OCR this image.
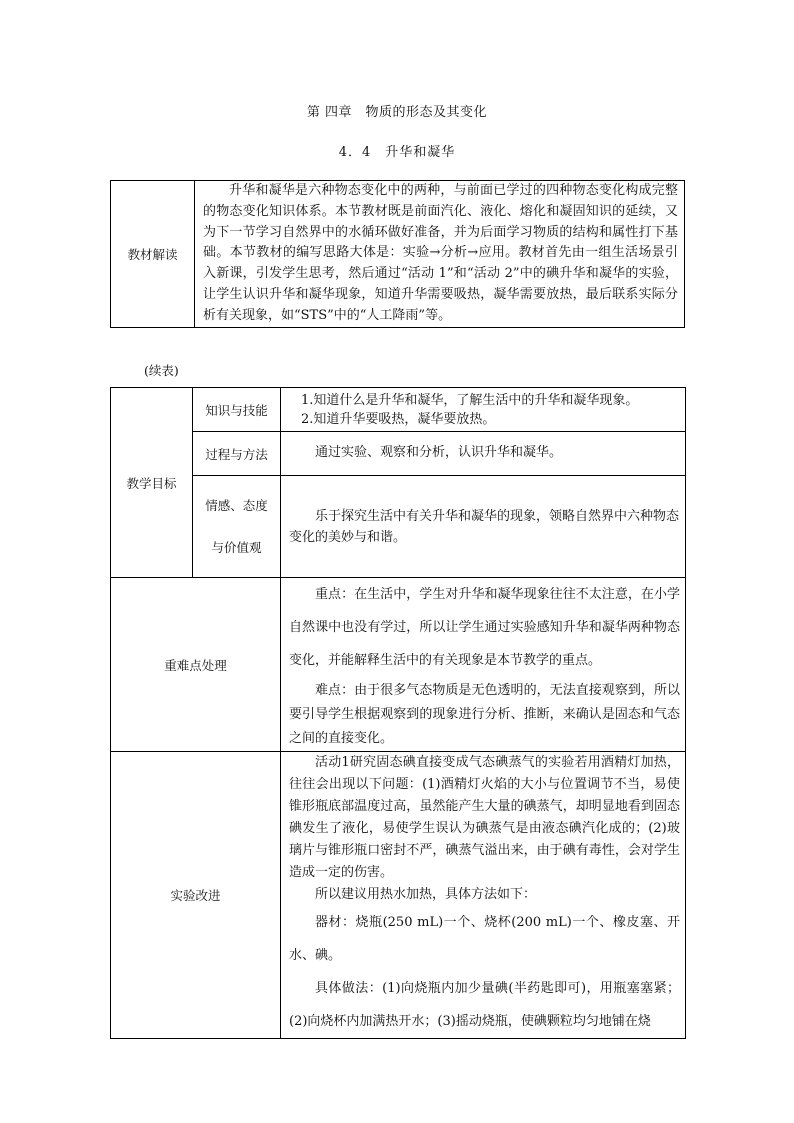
第 四章　物质的形态及其变化
4．4　升华和凝华
教材解读	升华和凝华是六种物态变化中的两种，与前面已学过的四种物态变化构成完整的物态变化知识体系。本节教材既是前面汽化、液化、熔化和凝固知识的延续，又为下一节学习自然界中的水循环做好准备，并为后面学习物质的结构和属性打下基础。本节教材的编写思路大体是：实验→分析→应用。教材首先由一组生活场景引入新课，引发学生思考，然后通过“活动 1”和“活动 2”中的碘升华和凝华的实验，让学生认识升华和凝华现象，知道升华需要吸热，凝华需要放热，最后联系实际分析有关现象，如“STS”中的“人工降雨”等。
(续表)
教学目标	知识与技能	1.知道什么是升华和凝华，了解生活中的升华和凝华现象。
2.知道升华要吸热，凝华要放热。

	过程与方法	通过实验、观察和分析，认识升华和凝华。

	情感、态度
与价值观	乐于探究生活中有关升华和凝华的现象，领略自然界中六种物态变化的美妙与和谐。
重难点处理		重点：在生活中，学生对升华和凝华现象往往不太注意，在小学自然课中也没有学过，所以让学生通过实验感知升华和凝华两种物态变化，并能解释生活中的有关现象是本节教学的重点。

难点：由于很多气态物质是无色透明的，无法直接观察到，所以要引导学生根据观察到的现象进行分析、推断，来确认是固态和气态之间的直接变化。

实验改进		活动1研究固态碘直接变成气态碘蒸气的实验若用酒精灯加热，往往会出现以下问题：(1)酒精灯火焰的大小与位置调节不当，易使锥形瓶底部温度过高，虽然能产生大量的碘蒸气，却明显地看到固态碘发生了液化，易使学生误认为碘蒸气是由液态碘汽化成的；(2)玻璃片与锥形瓶口密封不严，碘蒸气溢出来，由于碘有毒性，会对学生造成一定的伤害。

所以建议用热水加热，具体方法如下：

器材：烧瓶(250 mL)一个、烧杯(200 mL)一个、橡皮塞、开水、碘。

具体做法：(1)向烧瓶内加少量碘(半药匙即可)，用瓶塞塞紧；(2)向烧杯内加满热开水；(3)摇动烧瓶，使碘颗粒均匀地铺在烧
